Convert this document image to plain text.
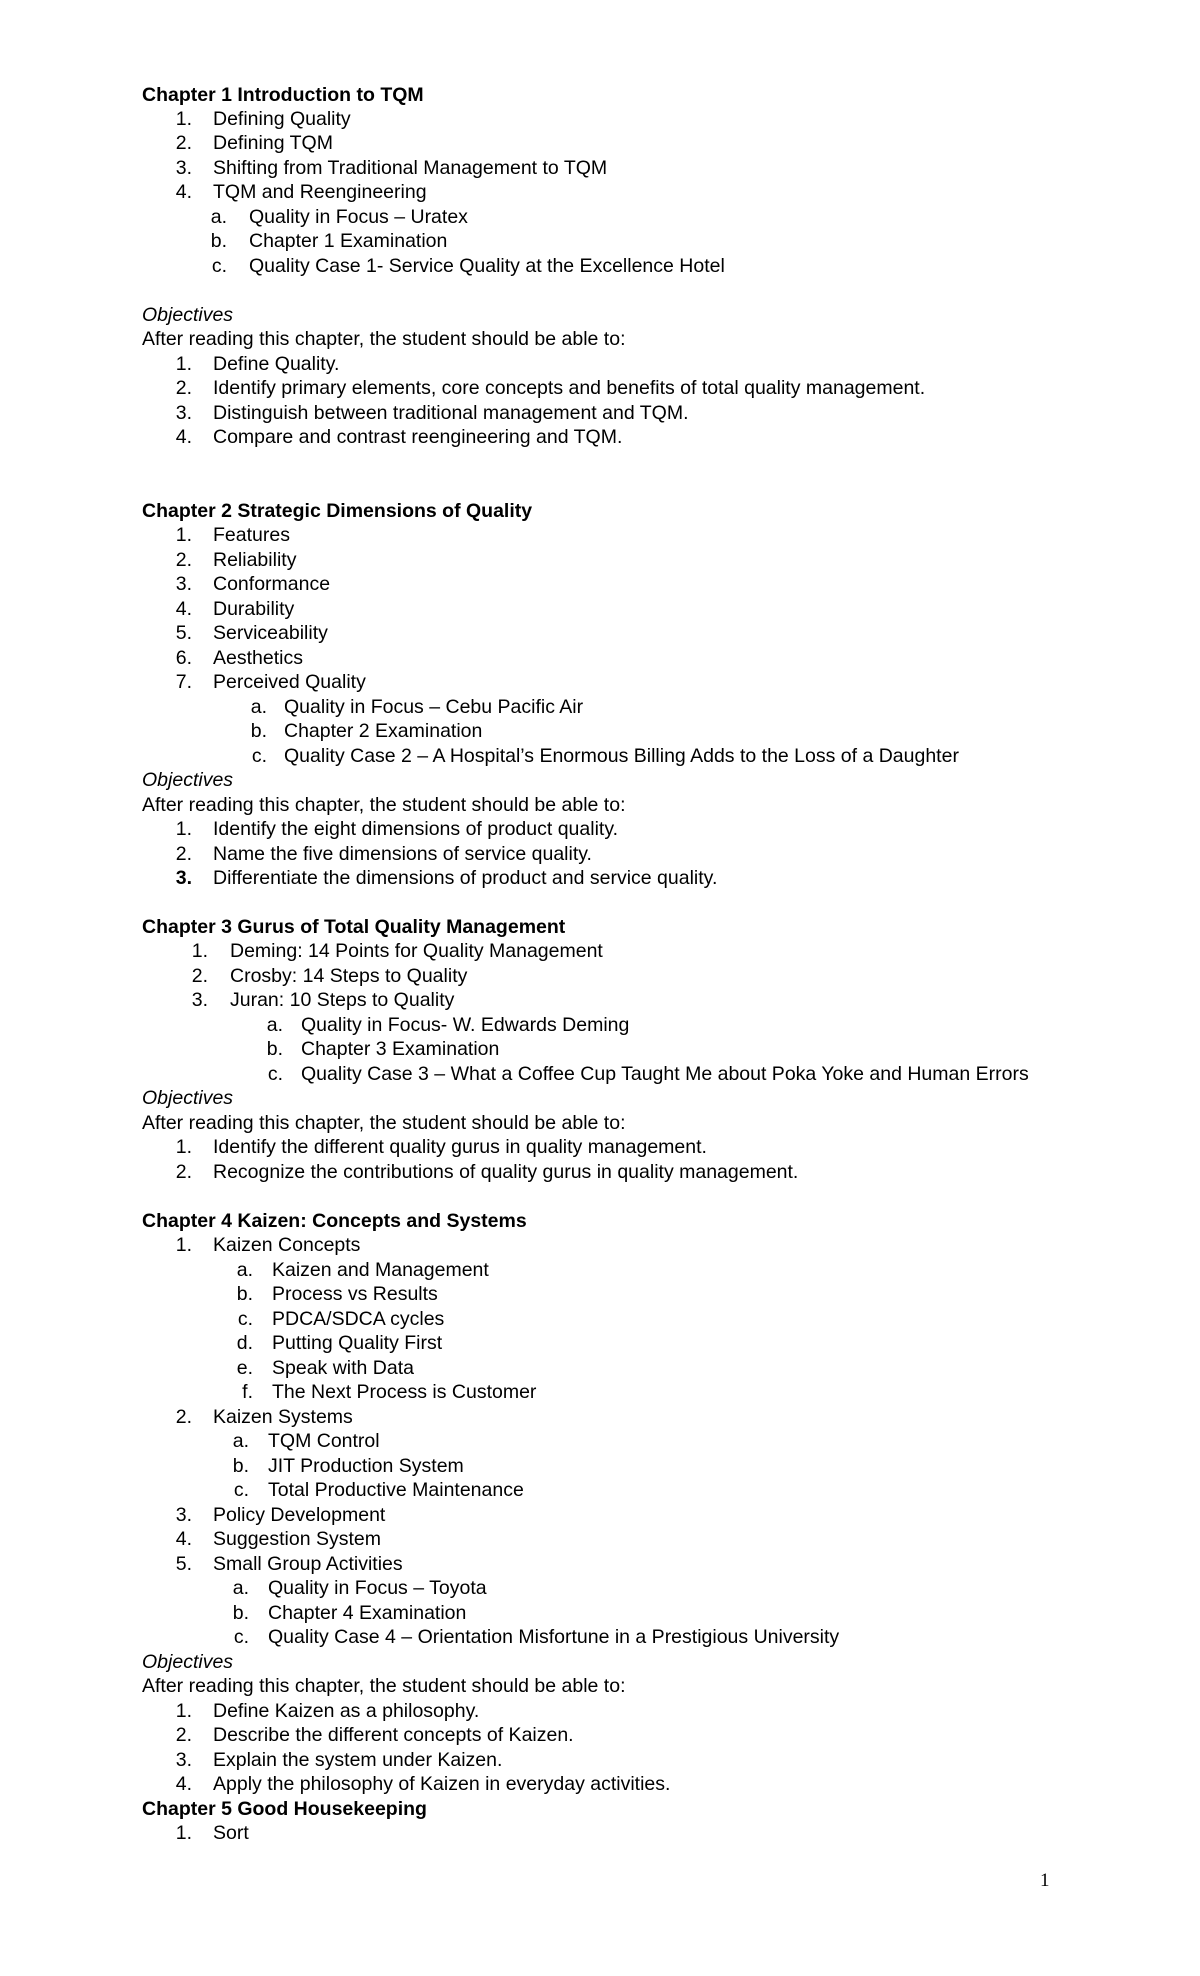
Chapter 1 Introduction to TQM
1. Defining Quality
2. Defining TQM
3. Shifting from Traditional Management to TQM
4. TQM and Reengineering
a. Quality in Focus – Uratex
b. Chapter 1 Examination
c. Quality Case 1- Service Quality at the Excellence Hotel
Objectives
After reading this chapter, the student should be able to:
1. Define Quality.
2. Identify primary elements, core concepts and benefits of total quality management.
3. Distinguish between traditional management and TQM.
4. Compare and contrast reengineering and TQM.
Chapter 2 Strategic Dimensions of Quality
1. Features
2. Reliability
3. Conformance
4. Durability
5. Serviceability
6. Aesthetics
7. Perceived Quality
a. Quality in Focus – Cebu Pacific Air
b. Chapter 2 Examination
c. Quality Case 2 – A Hospital’s Enormous Billing Adds to the Loss of a Daughter
Objectives
After reading this chapter, the student should be able to:
1. Identify the eight dimensions of product quality.
2. Name the five dimensions of service quality.
3. Differentiate the dimensions of product and service quality.
Chapter 3 Gurus of Total Quality Management
1. Deming: 14 Points for Quality Management
2. Crosby: 14 Steps to Quality
3. Juran: 10 Steps to Quality
a. Quality in Focus- W. Edwards Deming
b. Chapter 3 Examination
c. Quality Case 3 – What a Coffee Cup Taught Me about Poka Yoke and Human Errors
Objectives
After reading this chapter, the student should be able to:
1. Identify the different quality gurus in quality management.
2. Recognize the contributions of quality gurus in quality management.
Chapter 4 Kaizen: Concepts and Systems
1. Kaizen Concepts
a. Kaizen and Management
b. Process vs Results
c. PDCA/SDCA cycles
d. Putting Quality First
e. Speak with Data
f. The Next Process is Customer
2. Kaizen Systems
a. TQM Control
b. JIT Production System
c. Total Productive Maintenance
3. Policy Development
4. Suggestion System
5. Small Group Activities
a. Quality in Focus – Toyota
b. Chapter 4 Examination
c. Quality Case 4 – Orientation Misfortune in a Prestigious University
Objectives
After reading this chapter, the student should be able to:
1. Define Kaizen as a philosophy.
2. Describe the different concepts of Kaizen.
3. Explain the system under Kaizen.
4. Apply the philosophy of Kaizen in everyday activities.
Chapter 5 Good Housekeeping
1. Sort
1
